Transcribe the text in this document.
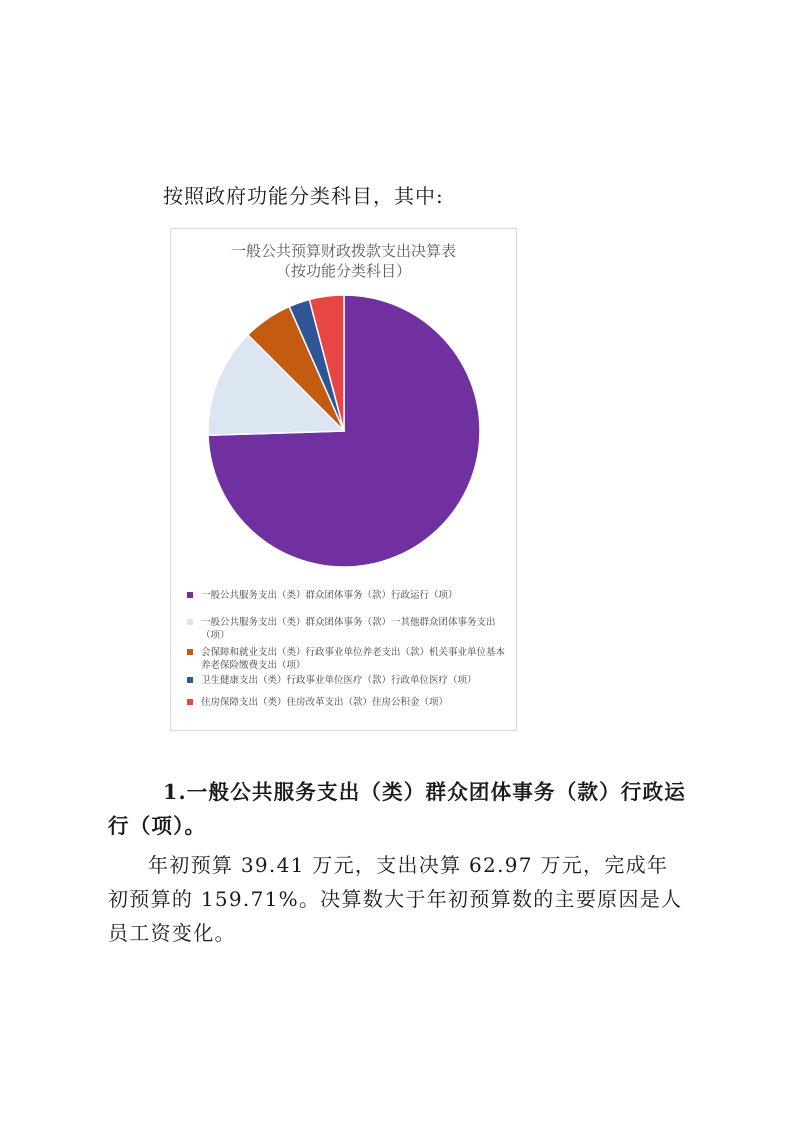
按照政府功能分类科目，其中:

一般公共预算财政拨款支出决算表
（按功能分类科目）
一般公共服务支出（类）群众团体事务（款）行政运行（项）
一般公共服务支出（类）群众团体事务（款）一其他群众团体事务支出（项）
会保障和就业支出（类）行政事业单位养老支出（款）机关事业单位基本养老保险缴费支出（项）
卫生健康支出（类）行政事业单位医疗（款）行政单位医疗（项）
住房保障支出（类）住房改革支出（款）住房公积金（项）

1.一般公共服务支出（类）群众团体事务（款）行政运行（项）。

年初预算 39.41 万元，支出决算 62.97 万元，完成年初预算的 159.71%。决算数大于年初预算数的主要原因是人员工资变化。
